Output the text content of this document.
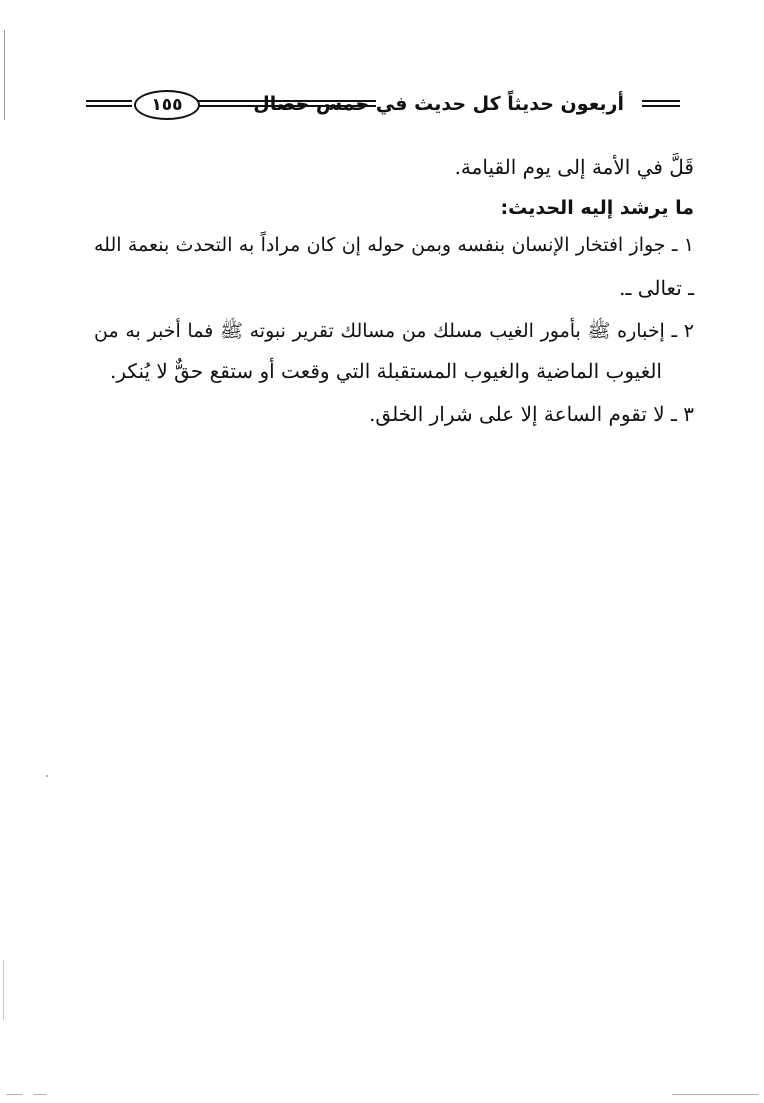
١٥٥	أربعون حديثاً كل حديث في خمس خصال
قَلَّ في الأمة إلى يوم القيامة.
ما يرشد إليه الحديث:
١ ـ جواز افتخار الإنسان بنفسه وبمن حوله إن كان مراداً به التحدث بنعمة الله
ـ تعالى ـ.
٢ ـ إخباره ﷺ بأمور الغيب مسلك من مسالك تقرير نبوته ﷺ فما أخبر به من
الغيوب الماضية والغيوب المستقبلة التي وقعت أو ستقع حقٌّ لا يُنكر.
٣ ـ لا تقوم الساعة إلا على شرار الخلق.
